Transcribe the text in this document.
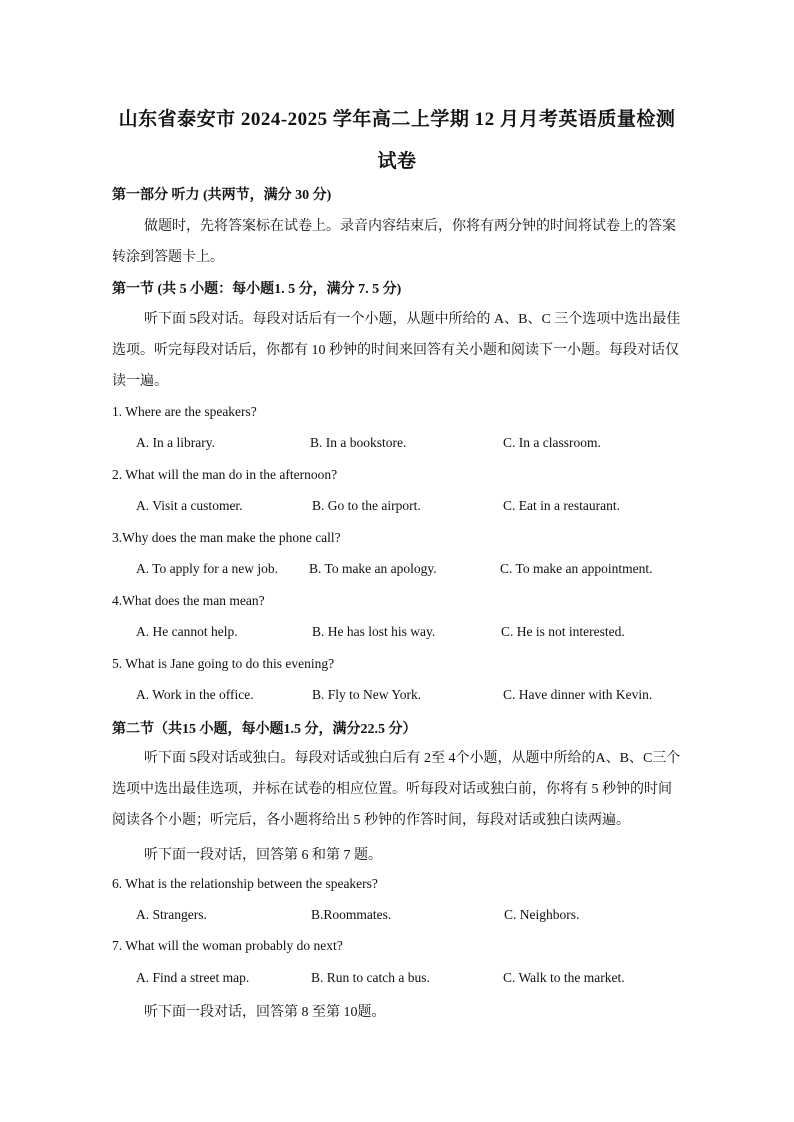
山东省泰安市 2024-2025 学年高二上学期 12 月月考英语质量检测
试卷
第一部分 听力 (共两节，满分 30 分)
做题时，先将答案标在试卷上。录音内容结束后，你将有两分钟的时间将试卷上的答案转涂到答题卡上。
第一节 (共 5 小题：每小题1. 5 分，满分 7. 5 分)
听下面 5段对话。每段对话后有一个小题，从题中所给的 A、B、C 三个选项中选出最佳选项。听完每段对话后，你都有 10 秒钟的时间来回答有关小题和阅读下一小题。每段对话仅读一遍。
1. Where are the speakers?
A. In a library.	B. In a bookstore.	C. In a classroom.
2. What will the man do in the afternoon?
A. Visit a customer.	B. Go to the airport.	C. Eat in a restaurant.
3.Why does the man make the phone call?
A. To apply for a new job. B. To make an apology.	C. To make an appointment.
4.What does the man mean?
A. He cannot help.	B. He has lost his way.	C. He is not interested.
5. What is Jane going to do this evening?
A. Work in the office.	B. Fly to New York.	C. Have dinner with Kevin.
第二节（共15 小题，每小题1.5 分，满分22.5 分）
听下面 5段对话或独白。每段对话或独白后有 2至 4个小题，从题中所给的A、B、C三个选项中选出最佳选项，并标在试卷的相应位置。听每段对话或独白前，你将有 5 秒钟的时间阅读各个小题；听完后，各小题将给出 5 秒钟的作答时间，每段对话或独白读两遍。
听下面一段对话，回答第 6 和第 7 题。
6. What is the relationship between the speakers?
A. Strangers.	B.Roommates.	C. Neighbors.
7. What will the woman probably do next?
A. Find a street map.	B. Run to catch a bus.	C. Walk to the market.
听下面一段对话，回答第 8 至第 10题。
